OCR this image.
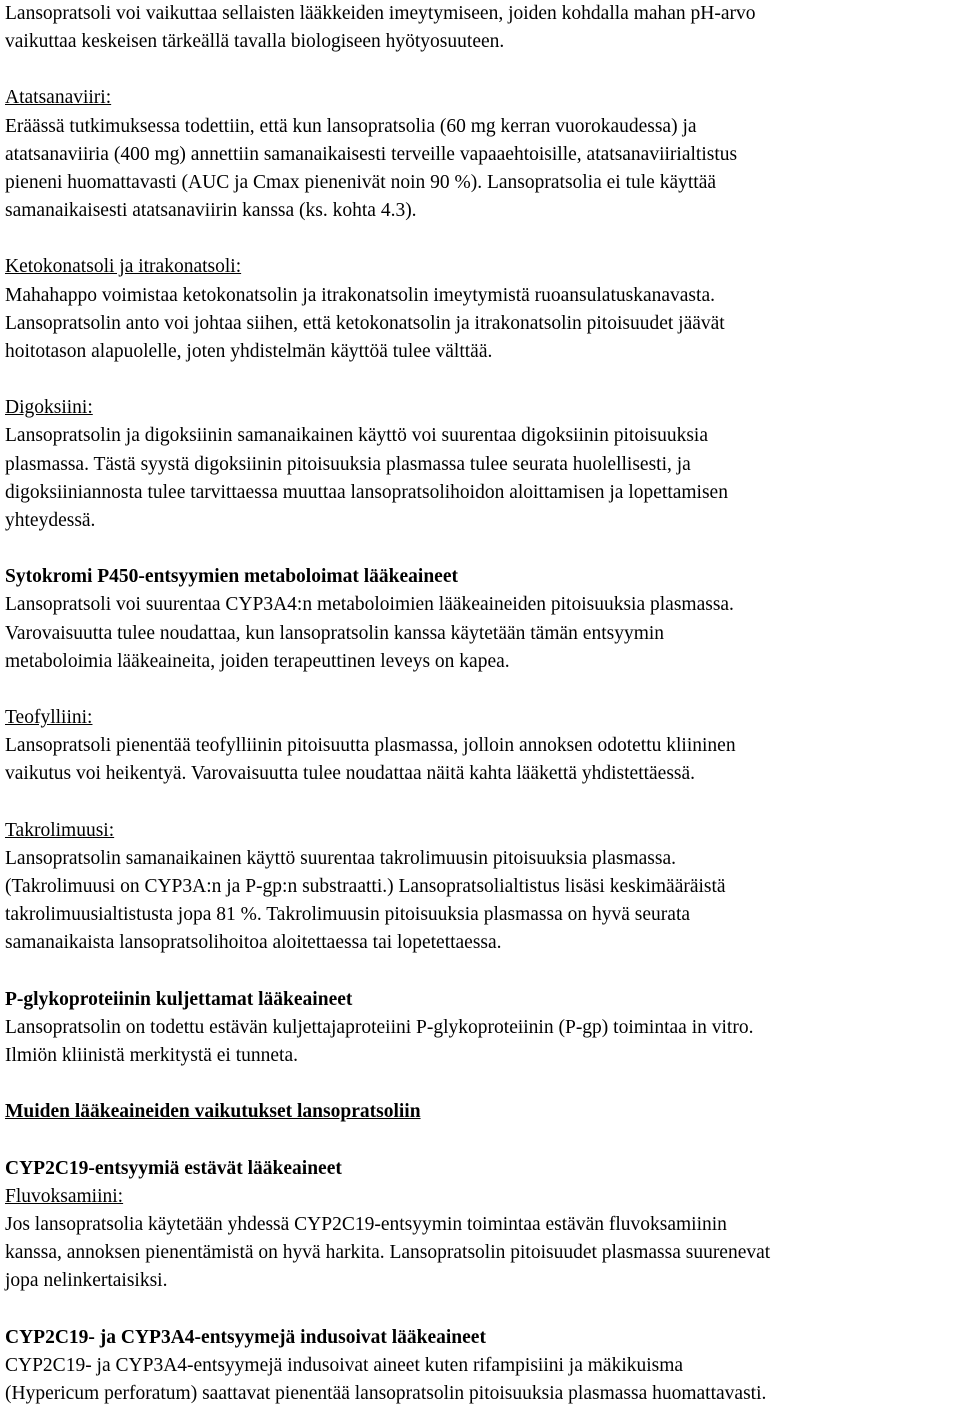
Lansopratsoli voi vaikuttaa sellaisten lääkkeiden imeytymiseen, joiden kohdalla mahan pH-arvo

vaikuttaa keskeisen tärkeällä tavalla biologiseen hyötyosuuteen.

Atatsanaviiri:

Eräässä tutkimuksessa todettiin, että kun lansopratsolia (60 mg kerran vuorokaudessa) ja

atatsanaviiria (400 mg) annettiin samanaikaisesti terveille vapaaehtoisille, atatsanaviirialtistus

pieneni huomattavasti (AUC ja Cmax pienenivät noin 90 %). Lansopratsolia ei tule käyttää

samanaikaisesti atatsanaviirin kanssa (ks. kohta 4.3).

Ketokonatsoli ja itrakonatsoli:

Mahahappo voimistaa ketokonatsolin ja itrakonatsolin imeytymistä ruoansulatuskanavasta.

Lansopratsolin anto voi johtaa siihen, että ketokonatsolin ja itrakonatsolin pitoisuudet jäävät

hoitotason alapuolelle, joten yhdistelmän käyttöä tulee välttää.

Digoksiini:

Lansopratsolin ja digoksiinin samanaikainen käyttö voi suurentaa digoksiinin pitoisuuksia

plasmassa. Tästä syystä digoksiinin pitoisuuksia plasmassa tulee seurata huolellisesti, ja

digoksiiniannosta tulee tarvittaessa muuttaa lansopratsolihoidon aloittamisen ja lopettamisen

yhteydessä.

Sytokromi P450-entsyymien metaboloimat lääkeaineet

Lansopratsoli voi suurentaa CYP3A4:n metaboloimien lääkeaineiden pitoisuuksia plasmassa.

Varovaisuutta tulee noudattaa, kun lansopratsolin kanssa käytetään tämän entsyymin

metaboloimia lääkeaineita, joiden terapeuttinen leveys on kapea.

Teofylliini:

Lansopratsoli pienentää teofylliinin pitoisuutta plasmassa, jolloin annoksen odotettu kliininen

vaikutus voi heikentyä. Varovaisuutta tulee noudattaa näitä kahta lääkettä yhdistettäessä.

Takrolimuusi:

Lansopratsolin samanaikainen käyttö suurentaa takrolimuusin pitoisuuksia plasmassa.

(Takrolimuusi on CYP3A:n ja P-gp:n substraatti.) Lansopratsolialtistus lisäsi keskimääräistä

takrolimuusialtistusta jopa 81 %. Takrolimuusin pitoisuuksia plasmassa on hyvä seurata

samanaikaista lansopratsolihoitoa aloitettaessa tai lopetettaessa.

P-glykoproteiinin kuljettamat lääkeaineet

Lansopratsolin on todettu estävän kuljettajaproteiini P-glykoproteiinin (P-gp) toimintaa in vitro.

Ilmiön kliinistä merkitystä ei tunneta.

Muiden lääkeaineiden vaikutukset lansopratsoliin

CYP2C19-entsyymiä estävät lääkeaineet

Fluvoksamiini:

Jos lansopratsolia käytetään yhdessä CYP2C19-entsyymin toimintaa estävän fluvoksamiinin

kanssa, annoksen pienentämistä on hyvä harkita. Lansopratsolin pitoisuudet plasmassa suurenevat

jopa nelinkertaisiksi.

CYP2C19- ja CYP3A4-entsyymejä indusoivat lääkeaineet

CYP2C19- ja CYP3A4-entsyymejä indusoivat aineet kuten rifampisiini ja mäkikuisma

(Hypericum perforatum) saattavat pienentää lansopratsolin pitoisuuksia plasmassa huomattavasti.
